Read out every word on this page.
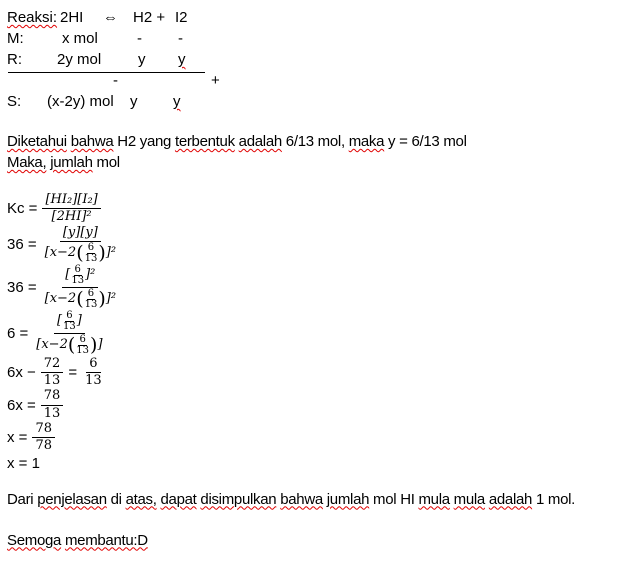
Reaksi: 2HI ⇔ H2 + I2
M:	x mol	- -
R: 2y mol y y
-	+
S: (x-2y) mol y y

Diketahui bahwa H2 yang terbentuk adalah 6/13 mol, maka y = 6/13 mol

Maka, jumlah mol

$Kc = \frac{\text{[HI₂][I₂]}}{\text{[2HI]²}}$
36 =
[y][y]
[x−2 ( $\frac{6}{13}$ ) ]²
36 =
[ $\frac{6}{13} ]^2$
[x−2 ( $\frac{6}{13}$ ) ]²
6 =
[ $\frac{6}{13}$ ]
[x−2 ( $\frac{6}{13}$ ) ]
$6x - \frac{72}{13} = \frac{6}{13}$
$6x = \frac{78}{13}$
$x = \frac{78}{78}$
x = 1

Dari penjelasan di atas, dapat disimpulkan bahwa jumlah mol HI mula mula adalah 1 mol.

Semoga membantu:D
